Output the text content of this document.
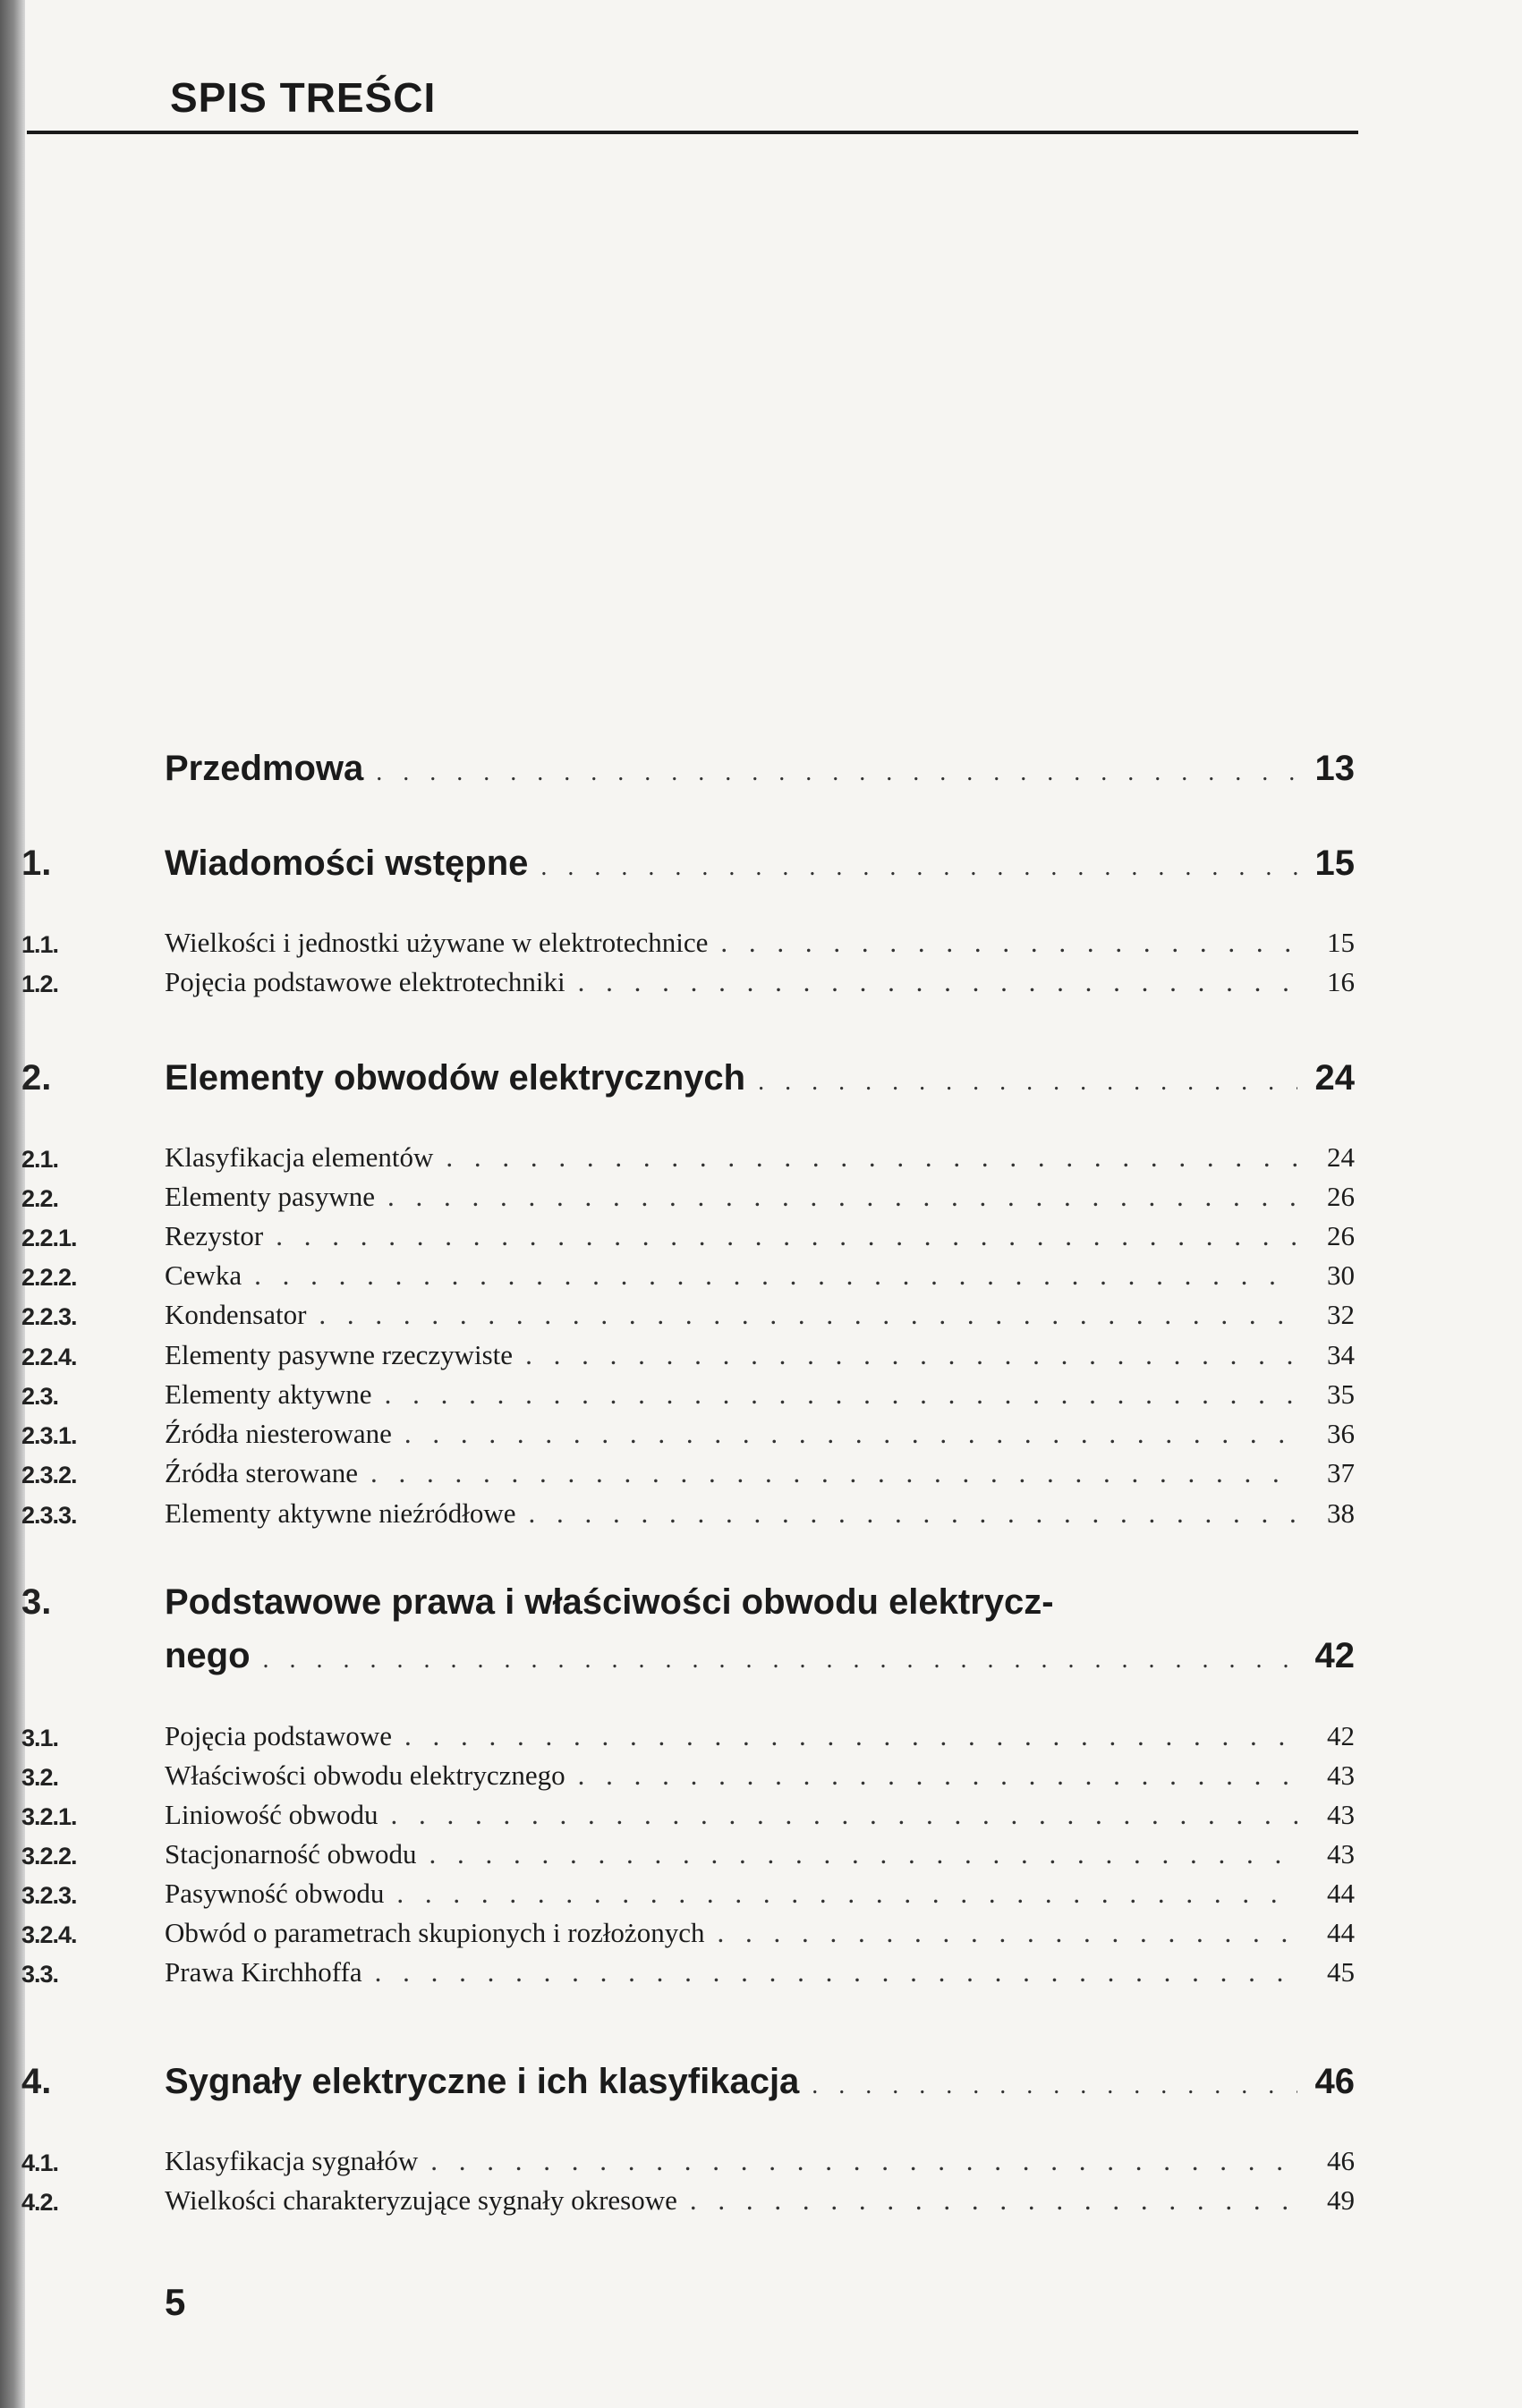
SPIS TREŚCI
Przedmowa . . .	13
1.	Wiadomości wstępne . . .	15
1.1.	Wielkości i jednostki używane w elektrotechnice . . .	15
1.2.	Pojęcia podstawowe elektrotechniki . . .	16
2.	Elementy obwodów elektrycznych . . .	24
2.1.	Klasyfikacja elementów . . .	24
2.2.	Elementy pasywne . . .	26
2.2.1.	Rezystor . . .	26
2.2.2.	Cewka . . .	30
2.2.3.	Kondensator . . .	32
2.2.4.	Elementy pasywne rzeczywiste . . .	34
2.3.	Elementy aktywne . . .	35
2.3.1.	Źródła niesterowane . . .	36
2.3.2.	Źródła sterowane . . .	37
2.3.3.	Elementy aktywne nieźródłowe . . .	38
3.	Podstawowe prawa i właściwości obwodu elektrycz-
nego . . .	42
3.1.	Pojęcia podstawowe . . .	42
3.2.	Właściwości obwodu elektrycznego . . .	43
3.2.1.	Liniowość obwodu . . .	43
3.2.2.	Stacjonarność obwodu . . .	43
3.2.3.	Pasywność obwodu . . .	44
3.2.4.	Obwód o parametrach skupionych i rozłożonych . . .	44
3.3.	Prawa Kirchhoffa . . .	45
4.	Sygnały elektryczne i ich klasyfikacja . . .	46
4.1.	Klasyfikacja sygnałów . . .	46
4.2.	Wielkości charakteryzujące sygnały okresowe . . .	49
5
